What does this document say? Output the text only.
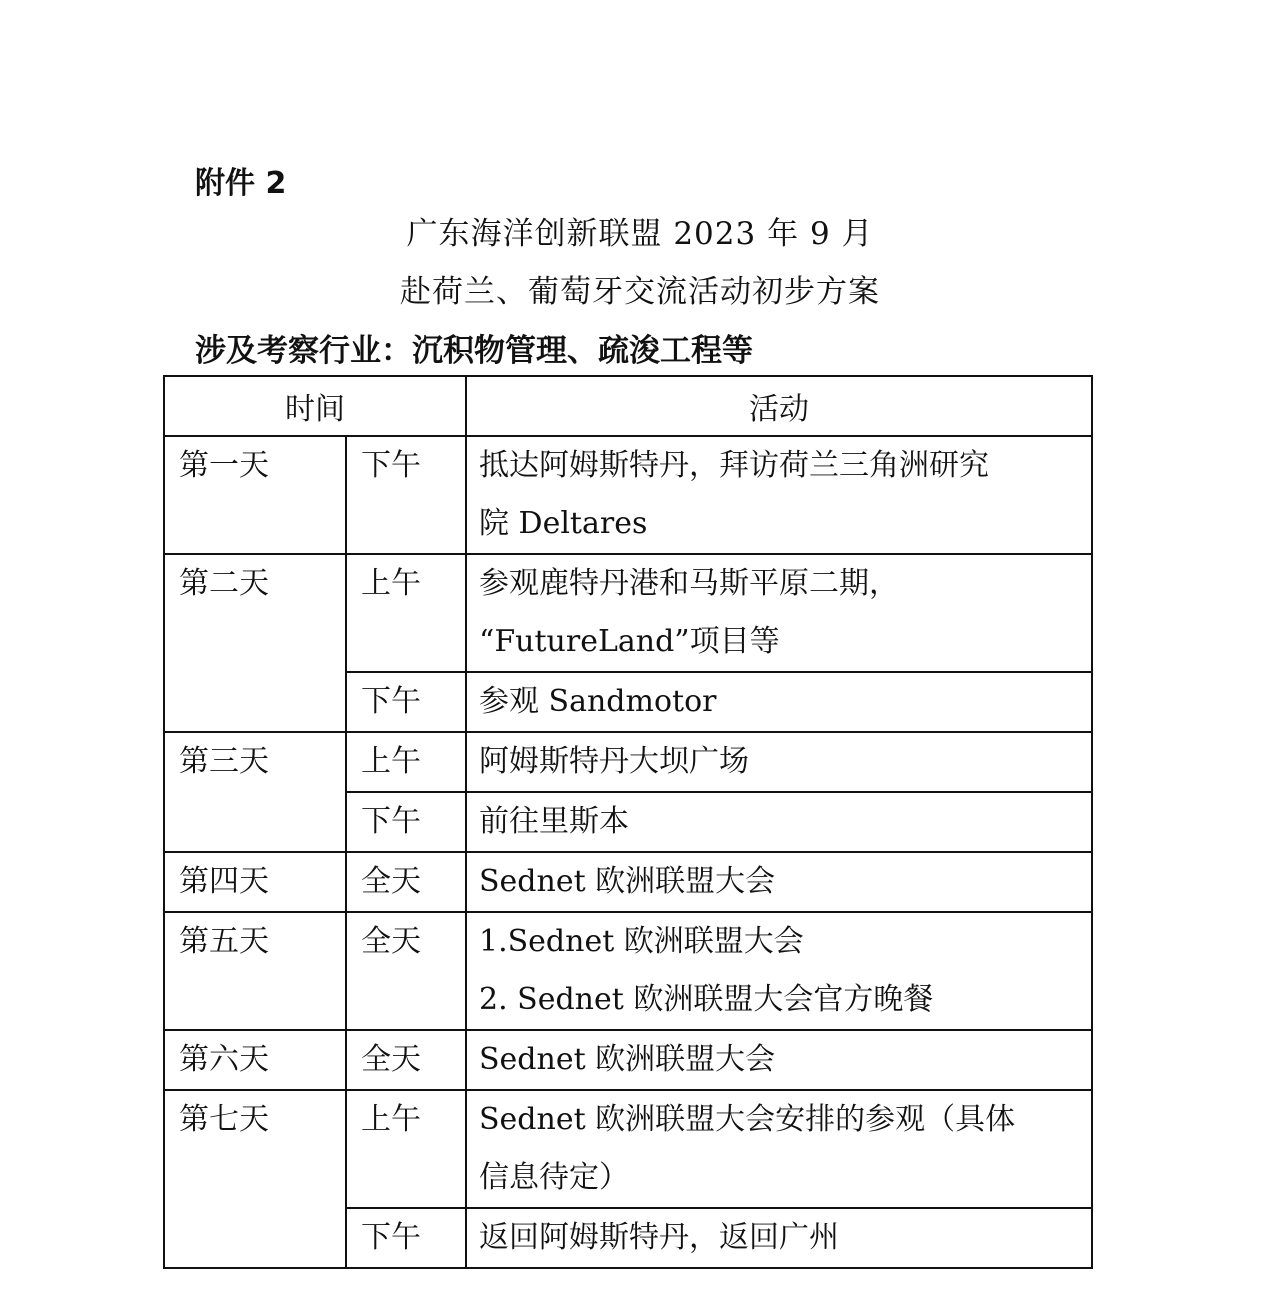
附件 2
广东海洋创新联盟 2023 年 9 月
赴荷兰、葡萄牙交流活动初步方案
涉及考察行业：沉积物管理、疏浚工程等
时间		活动
第一天	下午	抵达阿姆斯特丹，拜访荷兰三角洲研究
院 Deltares

第二天	上午	参观鹿特丹港和马斯平原二期，
“FutureLand”项目等

	下午	参观 Sandmotor

第三天	上午	阿姆斯特丹大坝广场

	下午	前往里斯本

第四天	全天	Sednet 欧洲联盟大会

第五天	全天	1.Sednet 欧洲联盟大会
2. Sednet 欧洲联盟大会官方晚餐

第六天	全天	Sednet 欧洲联盟大会

第七天	上午	Sednet 欧洲联盟大会安排的参观（具体
信息待定）

	下午	返回阿姆斯特丹，返回广州
